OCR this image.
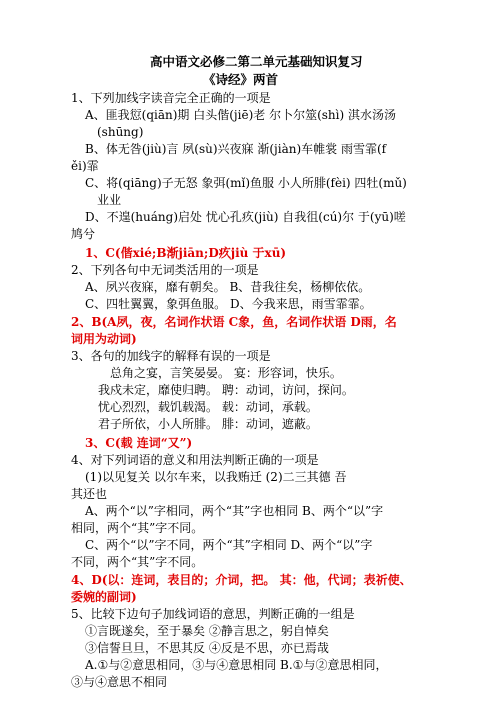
高中语文必修二第二单元基础知识复习
《诗经》两首
1、下列加线字读音完全正确的一项是
A、匪我愆(qiān)期 白头偕(jiē)老 尔卜尔筮(shì) 淇水汤汤
(shūng)
B、体无咎(jiù)言 夙(sù)兴夜寐 渐(jiàn)车帷裳 雨雪霏(f
ěi)霏
C、将(qiāng)子无怒 象弭(mǐ)鱼服 小人所腓(fèi) 四牡(mǔ)
业业
D、不遑(huáng)启处 忧心孔疚(jiù) 自我徂(cú)尔 于(yū)嗟
鸠兮
1、C(偕xié;B渐jiān;D疚jiù 于xū)
2、下列各句中无词类活用的一项是
A、夙兴夜寐，靡有朝矣。 B、昔我往矣，杨柳依依。
C、四牡翼翼，象弭鱼服。 D、今我来思，雨雪霏霏。
2、B(A夙，夜，名词作状语 C象，鱼，名词作状语 D雨，名
词用为动词)
3、各句的加线字的解释有误的一项是
总角之宴，言笑晏晏。 宴：形容词，快乐。
我戍未定，靡使归聘。 聘：动词，访问，探问。
忧心烈烈，载饥载渴。 载：动词，承载。
君子所依，小人所腓。 腓：动词，遮蔽。
3、C(载 连词“又”)
4、对下列词语的意义和用法判断正确的一项是
(1)以见复关 以尔车来，以我贿迁 (2)二三其德 吾
其还也
A、两个“以”字相同，两个“其”字也相同 B、两个“以”字
相同，两个“其”字不同。
C、两个“以”字不同，两个“其”字相同 D、两个“以”字
不同，两个“其”字不同。
4、D(以：连词，表目的；介词，把。 其：他，代词；表祈使、
委婉的副词)
5、比较下边句子加线词语的意思，判断正确的一组是
①言既遂矣，至于暴矣 ②静言思之，躬自悼矣
③信誓旦旦，不思其反 ④反是不思，亦已焉哉
A.①与②意思相同，③与④意思相同 B.①与②意思相同，
③与④意思不相同
